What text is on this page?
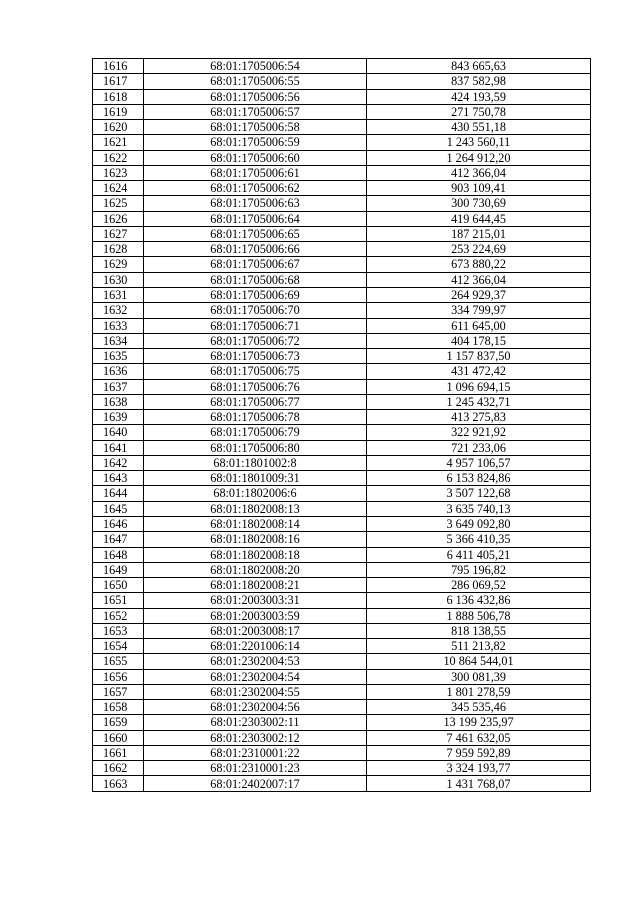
1616	68:01:1705006:54	843 665,63
1617	68:01:1705006:55	837 582,98
1618	68:01:1705006:56	424 193,59
1619	68:01:1705006:57	271 750,78
1620	68:01:1705006:58	430 551,18
1621	68:01:1705006:59	1 243 560,11
1622	68:01:1705006:60	1 264 912,20
1623	68:01:1705006:61	412 366,04
1624	68:01:1705006:62	903 109,41
1625	68:01:1705006:63	300 730,69
1626	68:01:1705006:64	419 644,45
1627	68:01:1705006:65	187 215,01
1628	68:01:1705006:66	253 224,69
1629	68:01:1705006:67	673 880,22
1630	68:01:1705006:68	412 366,04
1631	68:01:1705006:69	264 929,37
1632	68:01:1705006:70	334 799,97
1633	68:01:1705006:71	611 645,00
1634	68:01:1705006:72	404 178,15
1635	68:01:1705006:73	1 157 837,50
1636	68:01:1705006:75	431 472,42
1637	68:01:1705006:76	1 096 694,15
1638	68:01:1705006:77	1 245 432,71
1639	68:01:1705006:78	413 275,83
1640	68:01:1705006:79	322 921,92
1641	68:01:1705006:80	721 233,06
1642	68:01:1801002:8	4 957 106,57
1643	68:01:1801009:31	6 153 824,86
1644	68:01:1802006:6	3 507 122,68
1645	68:01:1802008:13	3 635 740,13
1646	68:01:1802008:14	3 649 092,80
1647	68:01:1802008:16	5 366 410,35
1648	68:01:1802008:18	6 411 405,21
1649	68:01:1802008:20	795 196,82
1650	68:01:1802008:21	286 069,52
1651	68:01:2003003:31	6 136 432,86
1652	68:01:2003003:59	1 888 506,78
1653	68:01:2003008:17	818 138,55
1654	68:01:2201006:14	511 213,82
1655	68:01:2302004:53	10 864 544,01
1656	68:01:2302004:54	300 081,39
1657	68:01:2302004:55	1 801 278,59
1658	68:01:2302004:56	345 535,46
1659	68:01:2303002:11	13 199 235,97
1660	68:01:2303002:12	7 461 632,05
1661	68:01:2310001:22	7 959 592,89
1662	68:01:2310001:23	3 324 193,77
1663	68:01:2402007:17	1 431 768,07
